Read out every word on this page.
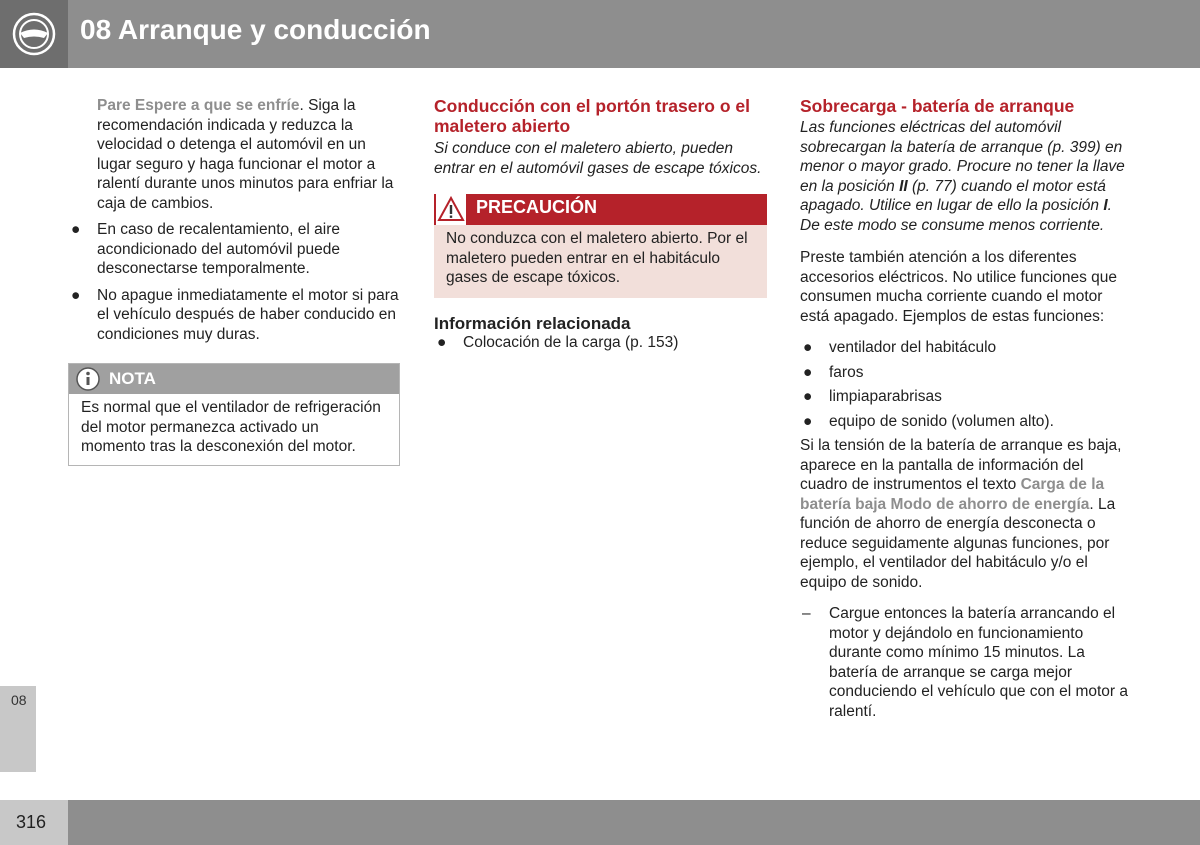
08 Arranque y conducción
08
316

Pare Espere a que se enfríe. Siga la recomendación indicada y reduzca la velocidad o detenga el automóvil en un lugar seguro y haga funcionar el motor a ralentí durante unos minutos para enfriar la caja de cambios.

● En caso de recalentamiento, el aire acondicionado del automóvil puede desconectarse temporalmente.
● No apague inmediatamente el motor si para el vehículo después de haber conducido en condiciones muy duras.
NOTA
Es normal que el ventilador de refrigeración del motor permanezca activado un momento tras la desconexión del motor.
Conducción con el portón trasero o el maletero abierto

Si conduce con el maletero abierto, pueden entrar en el automóvil gases de escape tóxicos.

PRECAUCIÓN
No conduzca con el maletero abierto. Por el maletero pueden entrar en el habitáculo gases de escape tóxicos.
Información relacionada
● Colocación de la carga (p. 153)
Sobrecarga - batería de arranque

Las funciones eléctricas del automóvil sobrecargan la batería de arranque (p. 399) en menor o mayor grado. Procure no tener la llave en la posición II (p. 77) cuando el motor está apagado. Utilice en lugar de ello la posición I. De este modo se consume menos corriente.

Preste también atención a los diferentes accesorios eléctricos. No utilice funciones que consumen mucha corriente cuando el motor está apagado. Ejemplos de estas funciones:

● ventilador del habitáculo
● faros
● limpiaparabrisas
● equipo de sonido (volumen alto).

Si la tensión de la batería de arranque es baja, aparece en la pantalla de información del cuadro de instrumentos el texto Carga de la batería baja Modo de ahorro de energía. La función de ahorro de energía desconecta o reduce seguidamente algunas funciones, por ejemplo, el ventilador del habitáculo y/o el equipo de sonido.

– Cargue entonces la batería arrancando el motor y dejándolo en funcionamiento durante como mínimo 15 minutos. La batería de arranque se carga mejor conduciendo el vehículo que con el motor a ralentí.
